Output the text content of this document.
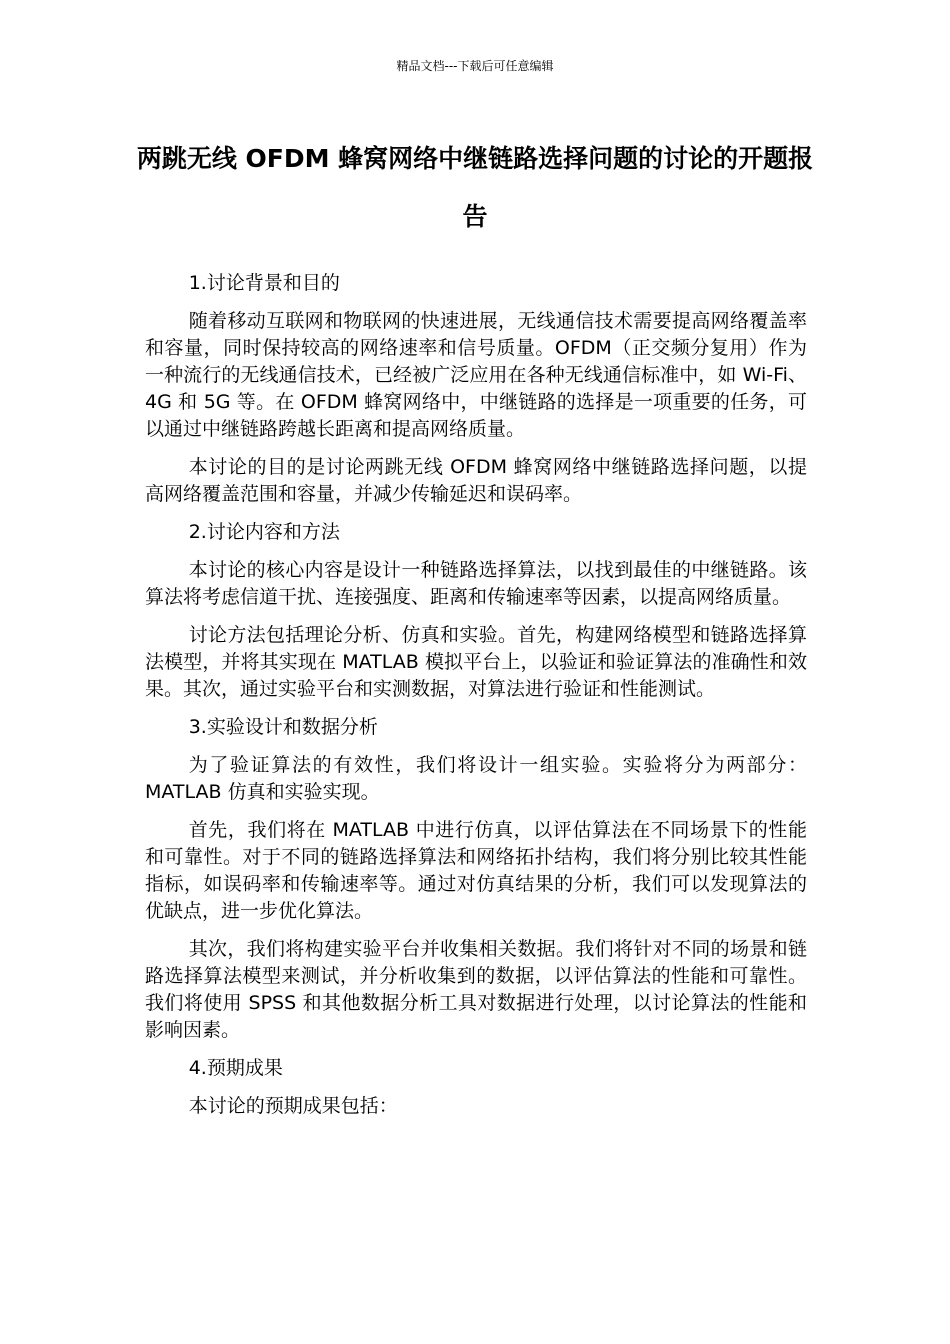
精品文档---下载后可任意编辑
两跳无线 OFDM 蜂窝网络中继链路选择问题的讨论的开题报告

1.讨论背景和目的

随着移动互联网和物联网的快速进展，无线通信技术需要提高网络覆盖率和容量，同时保持较高的网络速率和信号质量。OFDM（正交频分复用）作为一种流行的无线通信技术，已经被广泛应用在各种无线通信标准中，如 Wi-Fi、4G 和 5G 等。在 OFDM 蜂窝网络中，中继链路的选择是一项重要的任务，可以通过中继链路跨越长距离和提高网络质量。

本讨论的目的是讨论两跳无线 OFDM 蜂窝网络中继链路选择问题，以提高网络覆盖范围和容量，并减少传输延迟和误码率。

2.讨论内容和方法

本讨论的核心内容是设计一种链路选择算法，以找到最佳的中继链路。该算法将考虑信道干扰、连接强度、距离和传输速率等因素，以提高网络质量。

讨论方法包括理论分析、仿真和实验。首先，构建网络模型和链路选择算法模型，并将其实现在 MATLAB 模拟平台上，以验证和验证算法的准确性和效果。其次，通过实验平台和实测数据，对算法进行验证和性能测试。

3.实验设计和数据分析

为了验证算法的有效性，我们将设计一组实验。实验将分为两部分：MATLAB 仿真和实验实现。

首先，我们将在 MATLAB 中进行仿真，以评估算法在不同场景下的性能和可靠性。对于不同的链路选择算法和网络拓扑结构，我们将分别比较其性能指标，如误码率和传输速率等。通过对仿真结果的分析，我们可以发现算法的优缺点，进一步优化算法。

其次，我们将构建实验平台并收集相关数据。我们将针对不同的场景和链路选择算法模型来测试，并分析收集到的数据，以评估算法的性能和可靠性。我们将使用 SPSS 和其他数据分析工具对数据进行处理，以讨论算法的性能和影响因素。

4.预期成果

本讨论的预期成果包括：
